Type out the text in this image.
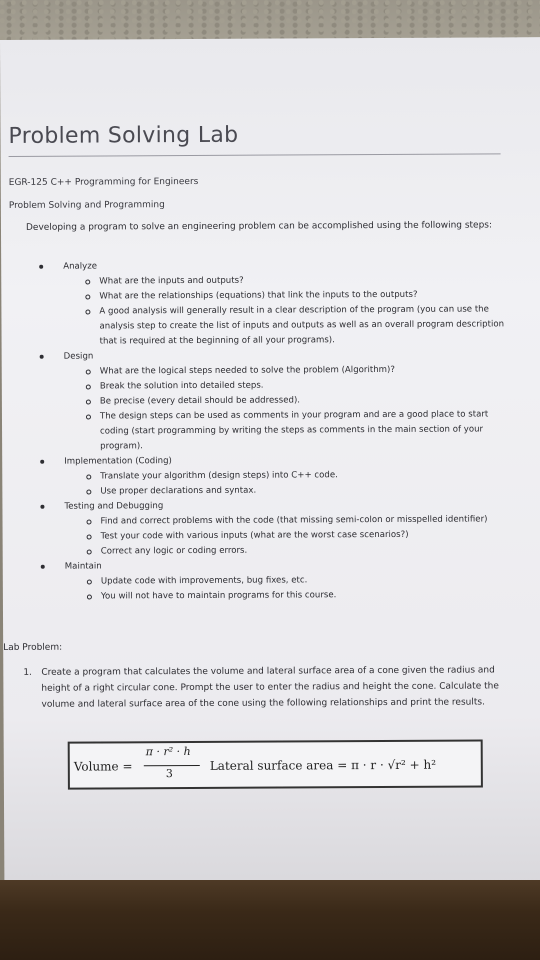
Problem Solving Lab
EGR-125 C++ Programming for Engineers
Problem Solving and Programming
Developing a program to solve an engineering problem can be accomplished using the following steps:
Analyze
What are the inputs and outputs?
What are the relationships (equations) that link the inputs to the outputs?
A good analysis will generally result in a clear description of the program (you can use the analysis step to create the list of inputs and outputs as well as an overall program description that is required at the beginning of all your programs).
Design
What are the logical steps needed to solve the problem (Algorithm)?
Break the solution into detailed steps.
Be precise (every detail should be addressed).
The design steps can be used as comments in your program and are a good place to start coding (start programming by writing the steps as comments in the main section of your program).
Implementation (Coding)
Translate your algorithm (design steps) into C++ code.
Use proper declarations and syntax.
Testing and Debugging
Find and correct problems with the code (that missing semi-colon or misspelled identifier)
Test your code with various inputs (what are the worst case scenarios?)
Correct any logic or coding errors.
Maintain
Update code with improvements, bug fixes, etc.
You will not have to maintain programs for this course.
Lab Problem:
1.	Create a program that calculates the volume and lateral surface area of a cone given the radius and height of a right circular cone. Prompt the user to enter the radius and height the cone. Calculate the volume and lateral surface area of the cone using the following relationships and print the results.
Volume =
π · r² · h
3
Lateral surface area = π · r · √r² + h²
